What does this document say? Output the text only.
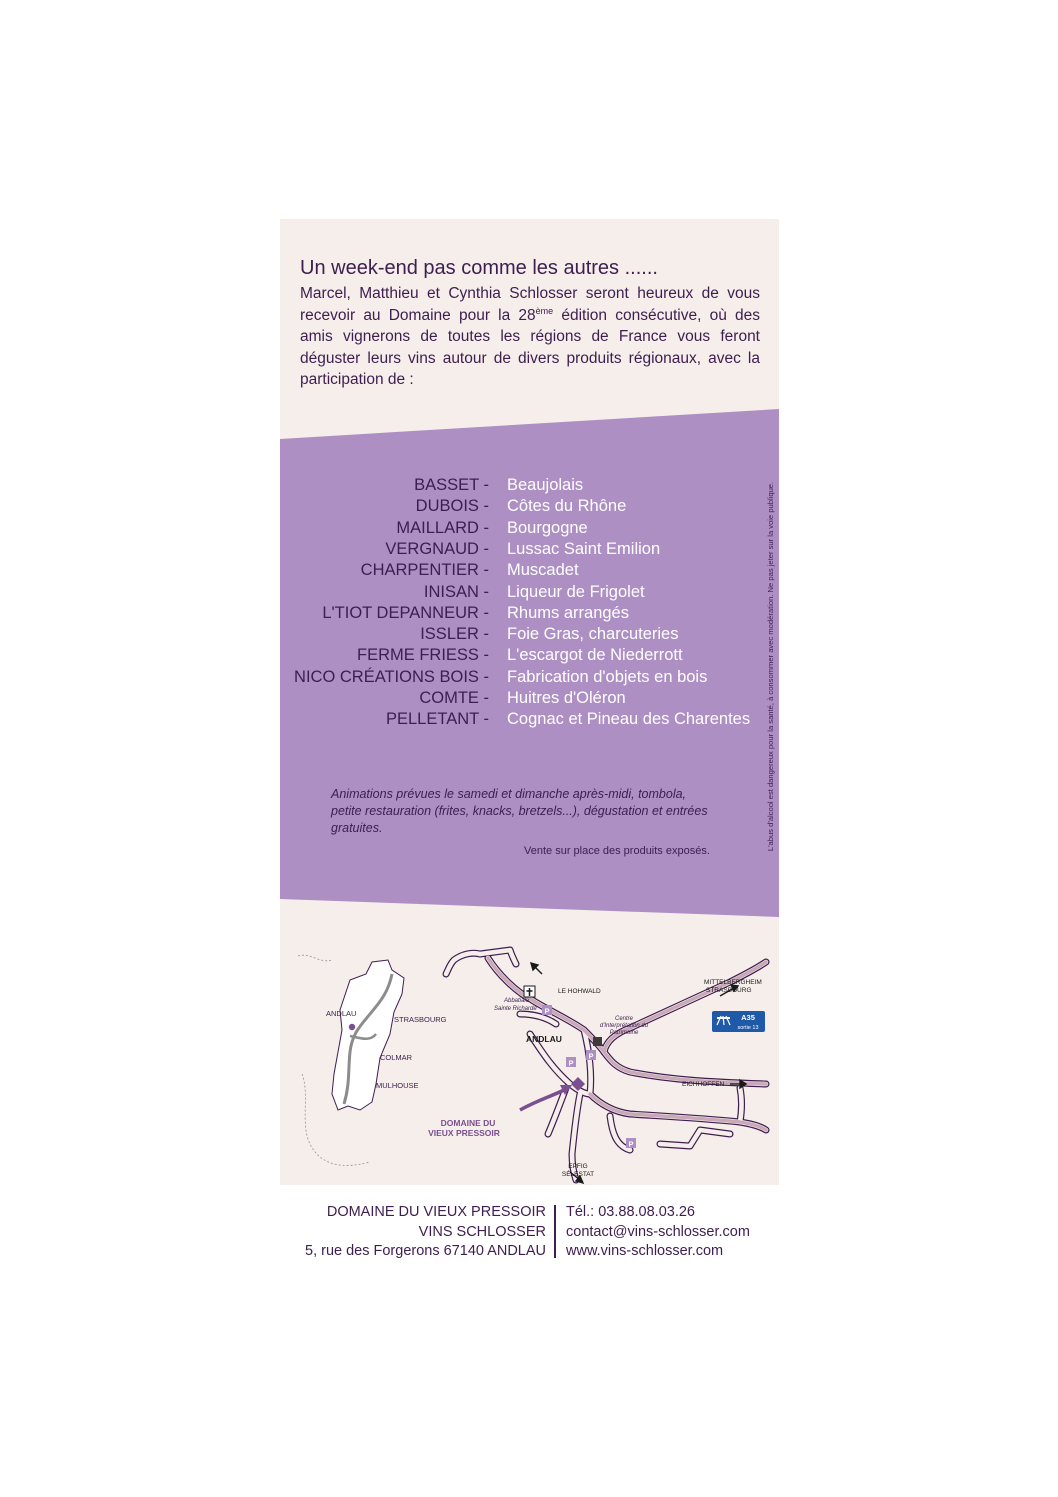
Un week-end pas comme les autres ......

Marcel, Matthieu et Cynthia Schlosser seront heureux de vous recevoir au Domaine pour la 28ème édition consécutive, où des amis vignerons de toutes les régions de France vous feront déguster leurs vins autour de divers produits régionaux, avec la participation de :

BASSET - Beaujolais
DUBOIS - Côtes du Rhône
MAILLARD - Bourgogne
VERGNAUD - Lussac Saint Emilion
CHARPENTIER - Muscadet
INISAN - Liqueur de Frigolet
L'TIOT DEPANNEUR - Rhums arrangés
ISSLER - Foie Gras, charcuteries
FERME FRIESS - L'escargot de Niederrott
NICO CRÉATIONS BOIS - Fabrication d'objets en bois
COMTE - Huitres d'Oléron
PELLETANT - Cognac et Pineau des Charentes

Animations prévues le samedi et dimanche après-midi, tombola, petite restauration (frites, knacks, bretzels...), dégustation et entrées gratuites.

Vente sur place des produits exposés.	L'abus d'alcool est dangereux pour la santé, à consommer avec modération. Ne pas jeter sur la voie publique.
STRASBOURG
ANDLAU
COLMAR
MULHOUSE
Abbatiale
Sainte Richarde
LE HOHWALD
MITTELBERGHEIM
STRASBOURG
Centre
d'Interprétation du
Patrimoine
ANDLAU
A35
sortie 13
EICHHOFFEN
P
P
P
P
DOMAINE DU
VIEUX PRESSOIR
EPFIG
SÉLESTAT
DOMAINE DU VIEUX PRESSOIR
VINS SCHLOSSER
5, rue des Forgerons 67140 ANDLAU
Tél.: 03.88.08.03.26
contact@vins-schlosser.com
www.vins-schlosser.com
